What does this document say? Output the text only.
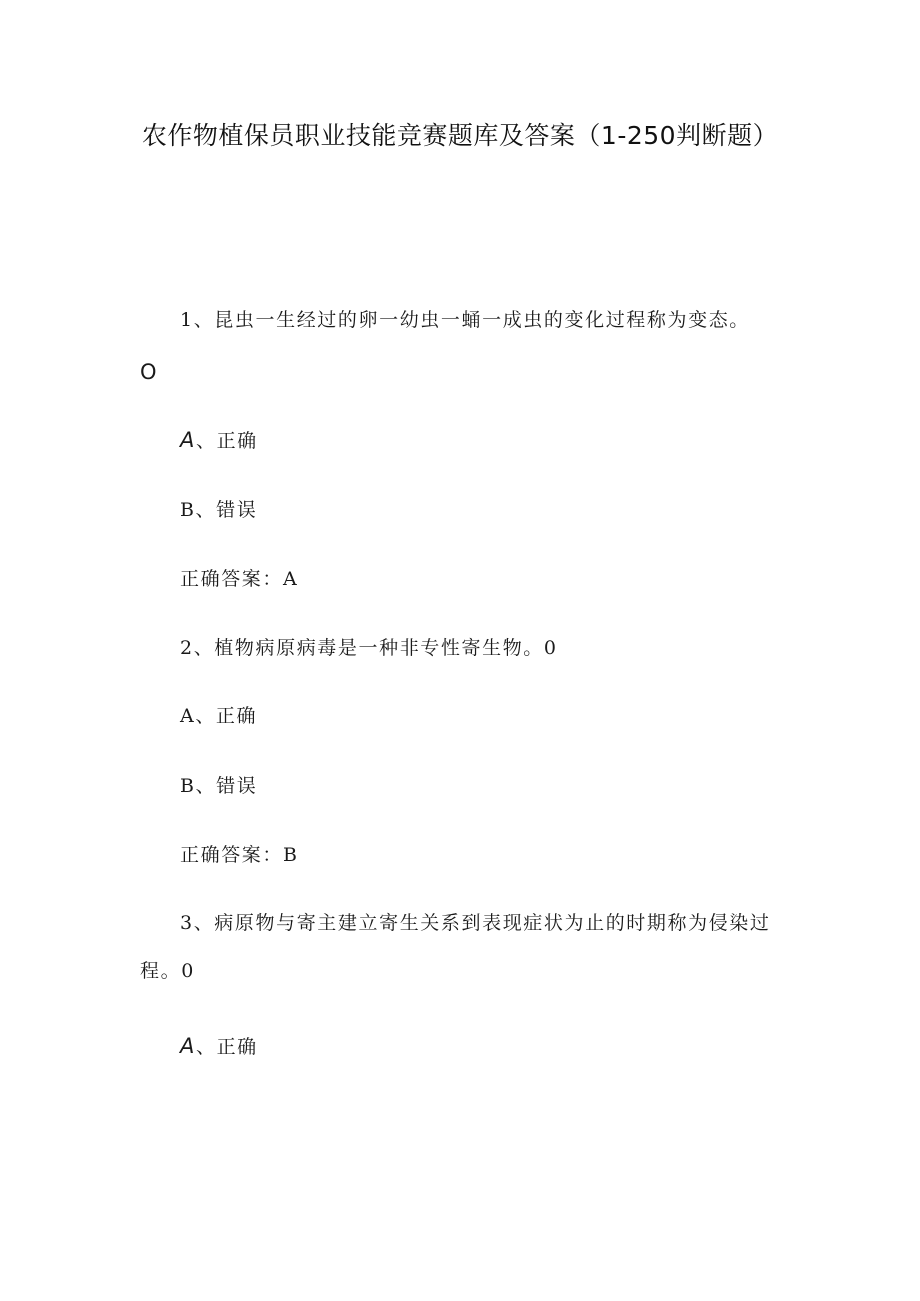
农作物植保员职业技能竞赛题库及答案（1-250判断题）

1、昆虫一生经过的卵一幼虫一蛹一成虫的变化过程称为变态。

O

A、正确

B、错误

正确答案：A

2、植物病原病毒是一种非专性寄生物。0

A、正确

B、错误

正确答案：B

3、病原物与寄主建立寄生关系到表现症状为止的时期称为侵染过

程。0

A、正确
